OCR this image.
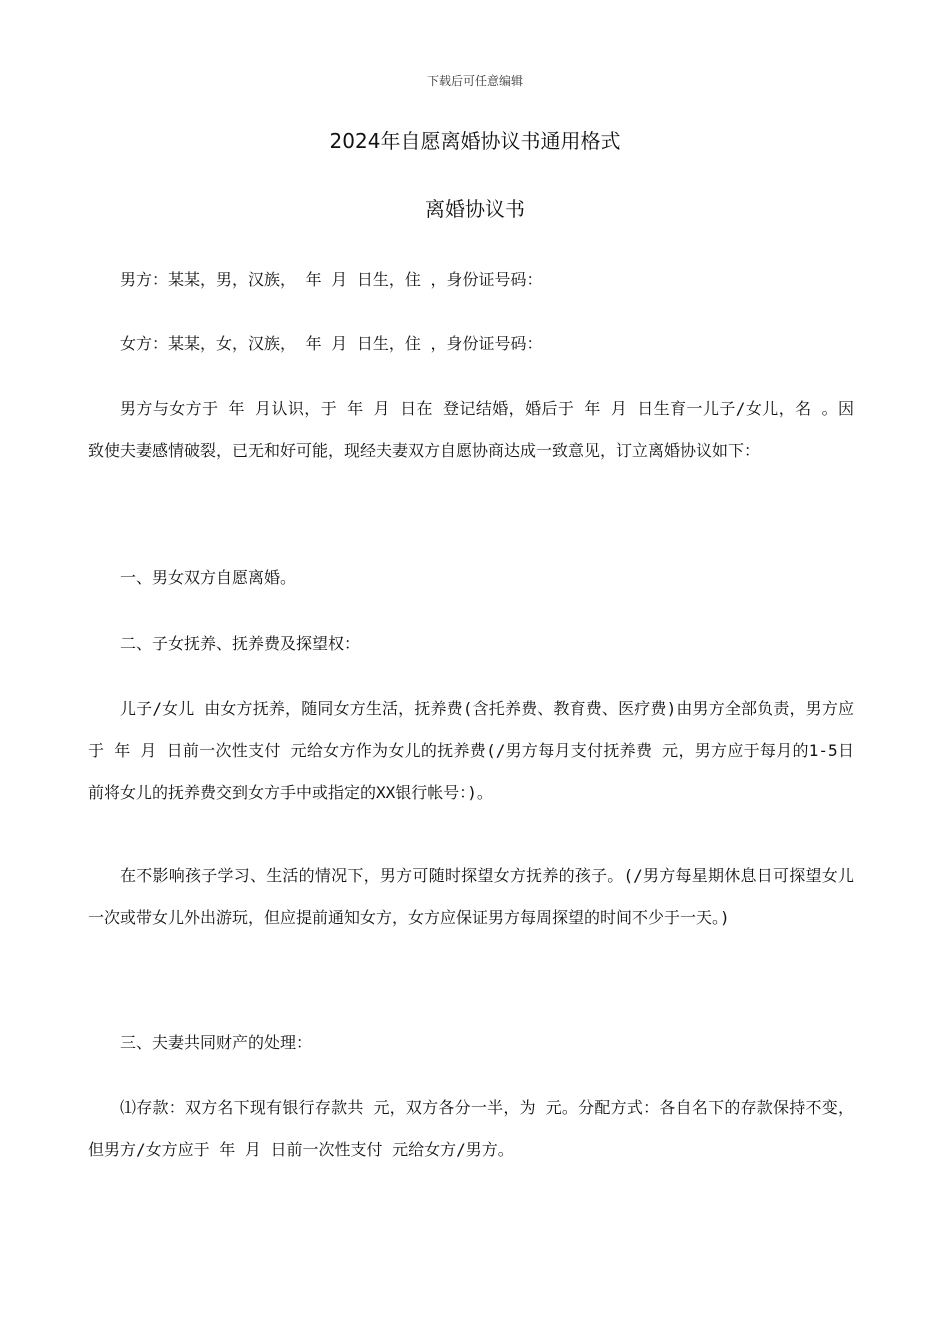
下载后可任意编辑
2024年自愿离婚协议书通用格式
离婚协议书
男方：某某，男，汉族， 年 月 日生，住 ，身份证号码：
女方：某某，女，汉族， 年 月 日生，住 ，身份证号码：
男方与女方于 年 月认识，于 年 月 日在 登记结婚，婚后于 年 月 日生育一儿子/女儿，名 。因 致使夫妻感情破裂，已无和好可能，现经夫妻双方自愿协商达成一致意见，订立离婚协议如下：
一、男女双方自愿离婚。
二、子女抚养、抚养费及探望权：
儿子/女儿 由女方抚养，随同女方生活，抚养费(含托养费、教育费、医疗费)由男方全部负责，男方应于 年 月 日前一次性支付 元给女方作为女儿的抚养费(/男方每月支付抚养费 元，男方应于每月的1-5日前将女儿的抚养费交到女方手中或指定的XX银行帐号：)。
在不影响孩子学习、生活的情况下，男方可随时探望女方抚养的孩子。(/男方每星期休息日可探望女儿一次或带女儿外出游玩，但应提前通知女方，女方应保证男方每周探望的时间不少于一天。)
三、夫妻共同财产的处理：
⑴存款：双方名下现有银行存款共 元，双方各分一半，为 元。分配方式：各自名下的存款保持不变，但男方/女方应于 年 月 日前一次性支付 元给女方/男方。
